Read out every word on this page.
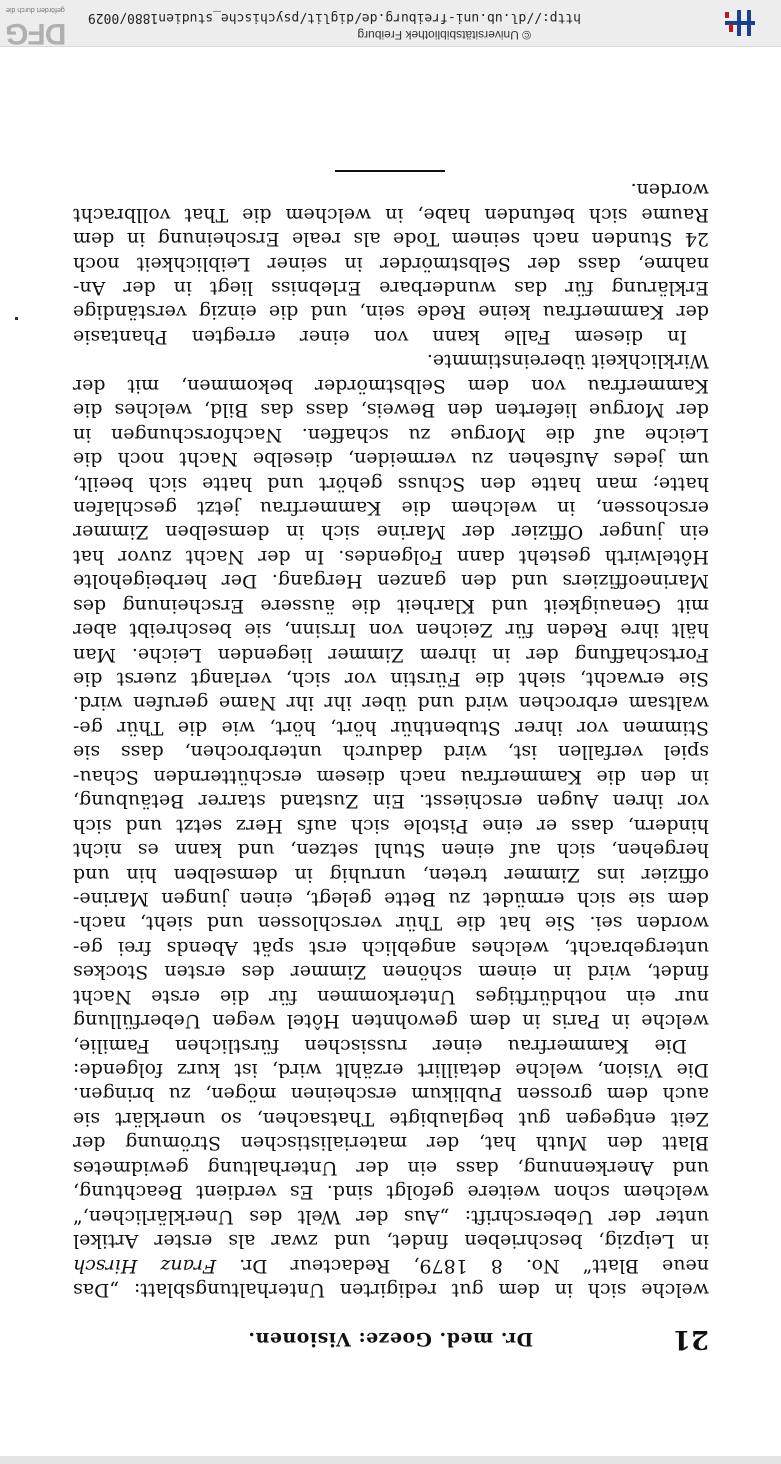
21
Dr. med. Goeze: Visionen.
welche sich in dem gut redigirten Unterhaltungsblatt: „Das
neue Blatt“ No. 8 1879, Redacteur Dr. Franz Hirsch
in Leipzig, beschrieben findet, und zwar als erster Artikel
unter der Ueberschrift: „Aus der Welt des Unerklärlichen,“
welchem schon weitere gefolgt sind. Es verdient Beachtung,
und Anerkennung, dass ein der Unterhaltung gewidmetes
Blatt den Muth hat, der materialistischen Strömung der
Zeit entgegen gut beglaubigte Thatsachen, so unerklärt sie
auch dem grossen Publikum erscheinen mögen, zu bringen.
Die Vision, welche detaillirt erzählt wird, ist kurz folgende:
Die Kammerfrau einer russischen fürstlichen Familie,
welche in Paris in dem gewohnten Hôtel wegen Ueberfüllung
nur ein nothdürftiges Unterkommen für die erste Nacht
findet, wird in einem schönen Zimmer des ersten Stockes
untergebracht, welches angeblich erst spät Abends frei ge-
worden sei. Sie hat die Thür verschlossen und sieht, nach-
dem sie sich ermüdet zu Bette gelegt, einen jungen Marine-
offizier ins Zimmer treten, unruhig in demselben hin und
hergehen, sich auf einen Stuhl setzen, und kann es nicht
hindern, dass er eine Pistole sich aufs Herz setzt und sich
vor ihren Augen erschiesst. Ein Zustand starrer Betäubung,
in den die Kammerfrau nach diesem erschütternden Schau-
spiel verfallen ist, wird dadurch unterbrochen, dass sie
Stimmen vor ihrer Stubenthür hört, hört, wie die Thür ge-
waltsam erbrochen wird und über ihr ihr Name gerufen wird.
Sie erwacht, sieht die Fürstin vor sich, verlangt zuerst die
Fortschaffung der in ihrem Zimmer liegenden Leiche. Man
hält ihre Reden für Zeichen von Irrsinn, sie beschreibt aber
mit Genauigkeit und Klarheit die äussere Erscheinung des
Marineoffiziers und den ganzen Hergang. Der herbeigeholte
Hôtelwirth gesteht dann Folgendes. In der Nacht zuvor hat
ein junger Offizier der Marine sich in demselben Zimmer
erschossen, in welchem die Kammerfrau jetzt geschlafen
hatte; man hatte den Schuss gehört und hatte sich beeilt,
um jedes Aufsehen zu vermeiden, dieselbe Nacht noch die
Leiche auf die Morgue zu schaffen. Nachforschungen in
der Morgue lieferten den Beweis, dass das Bild, welches die
Kammerfrau von dem Selbstmörder bekommen, mit der
Wirklichkeit übereinstimmte.
In diesem Falle kann von einer erregten Phantasie
der Kammerfrau keine Rede sein, und die einzig verständige
Erklärung für das wunderbare Erlebniss liegt in der An-
nahme, dass der Selbstmörder in seiner Leiblichkeit noch
24 Stunden nach seinem Tode als reale Erscheinung in dem
Raume sich befunden habe, in welchem die That vollbracht
worden.
© Universitätsbibliothek Freiburg
http://dl.ub.uni-freiburg.de/diglit/psychische_studien1880/0029
DFG
gefördert durch die
